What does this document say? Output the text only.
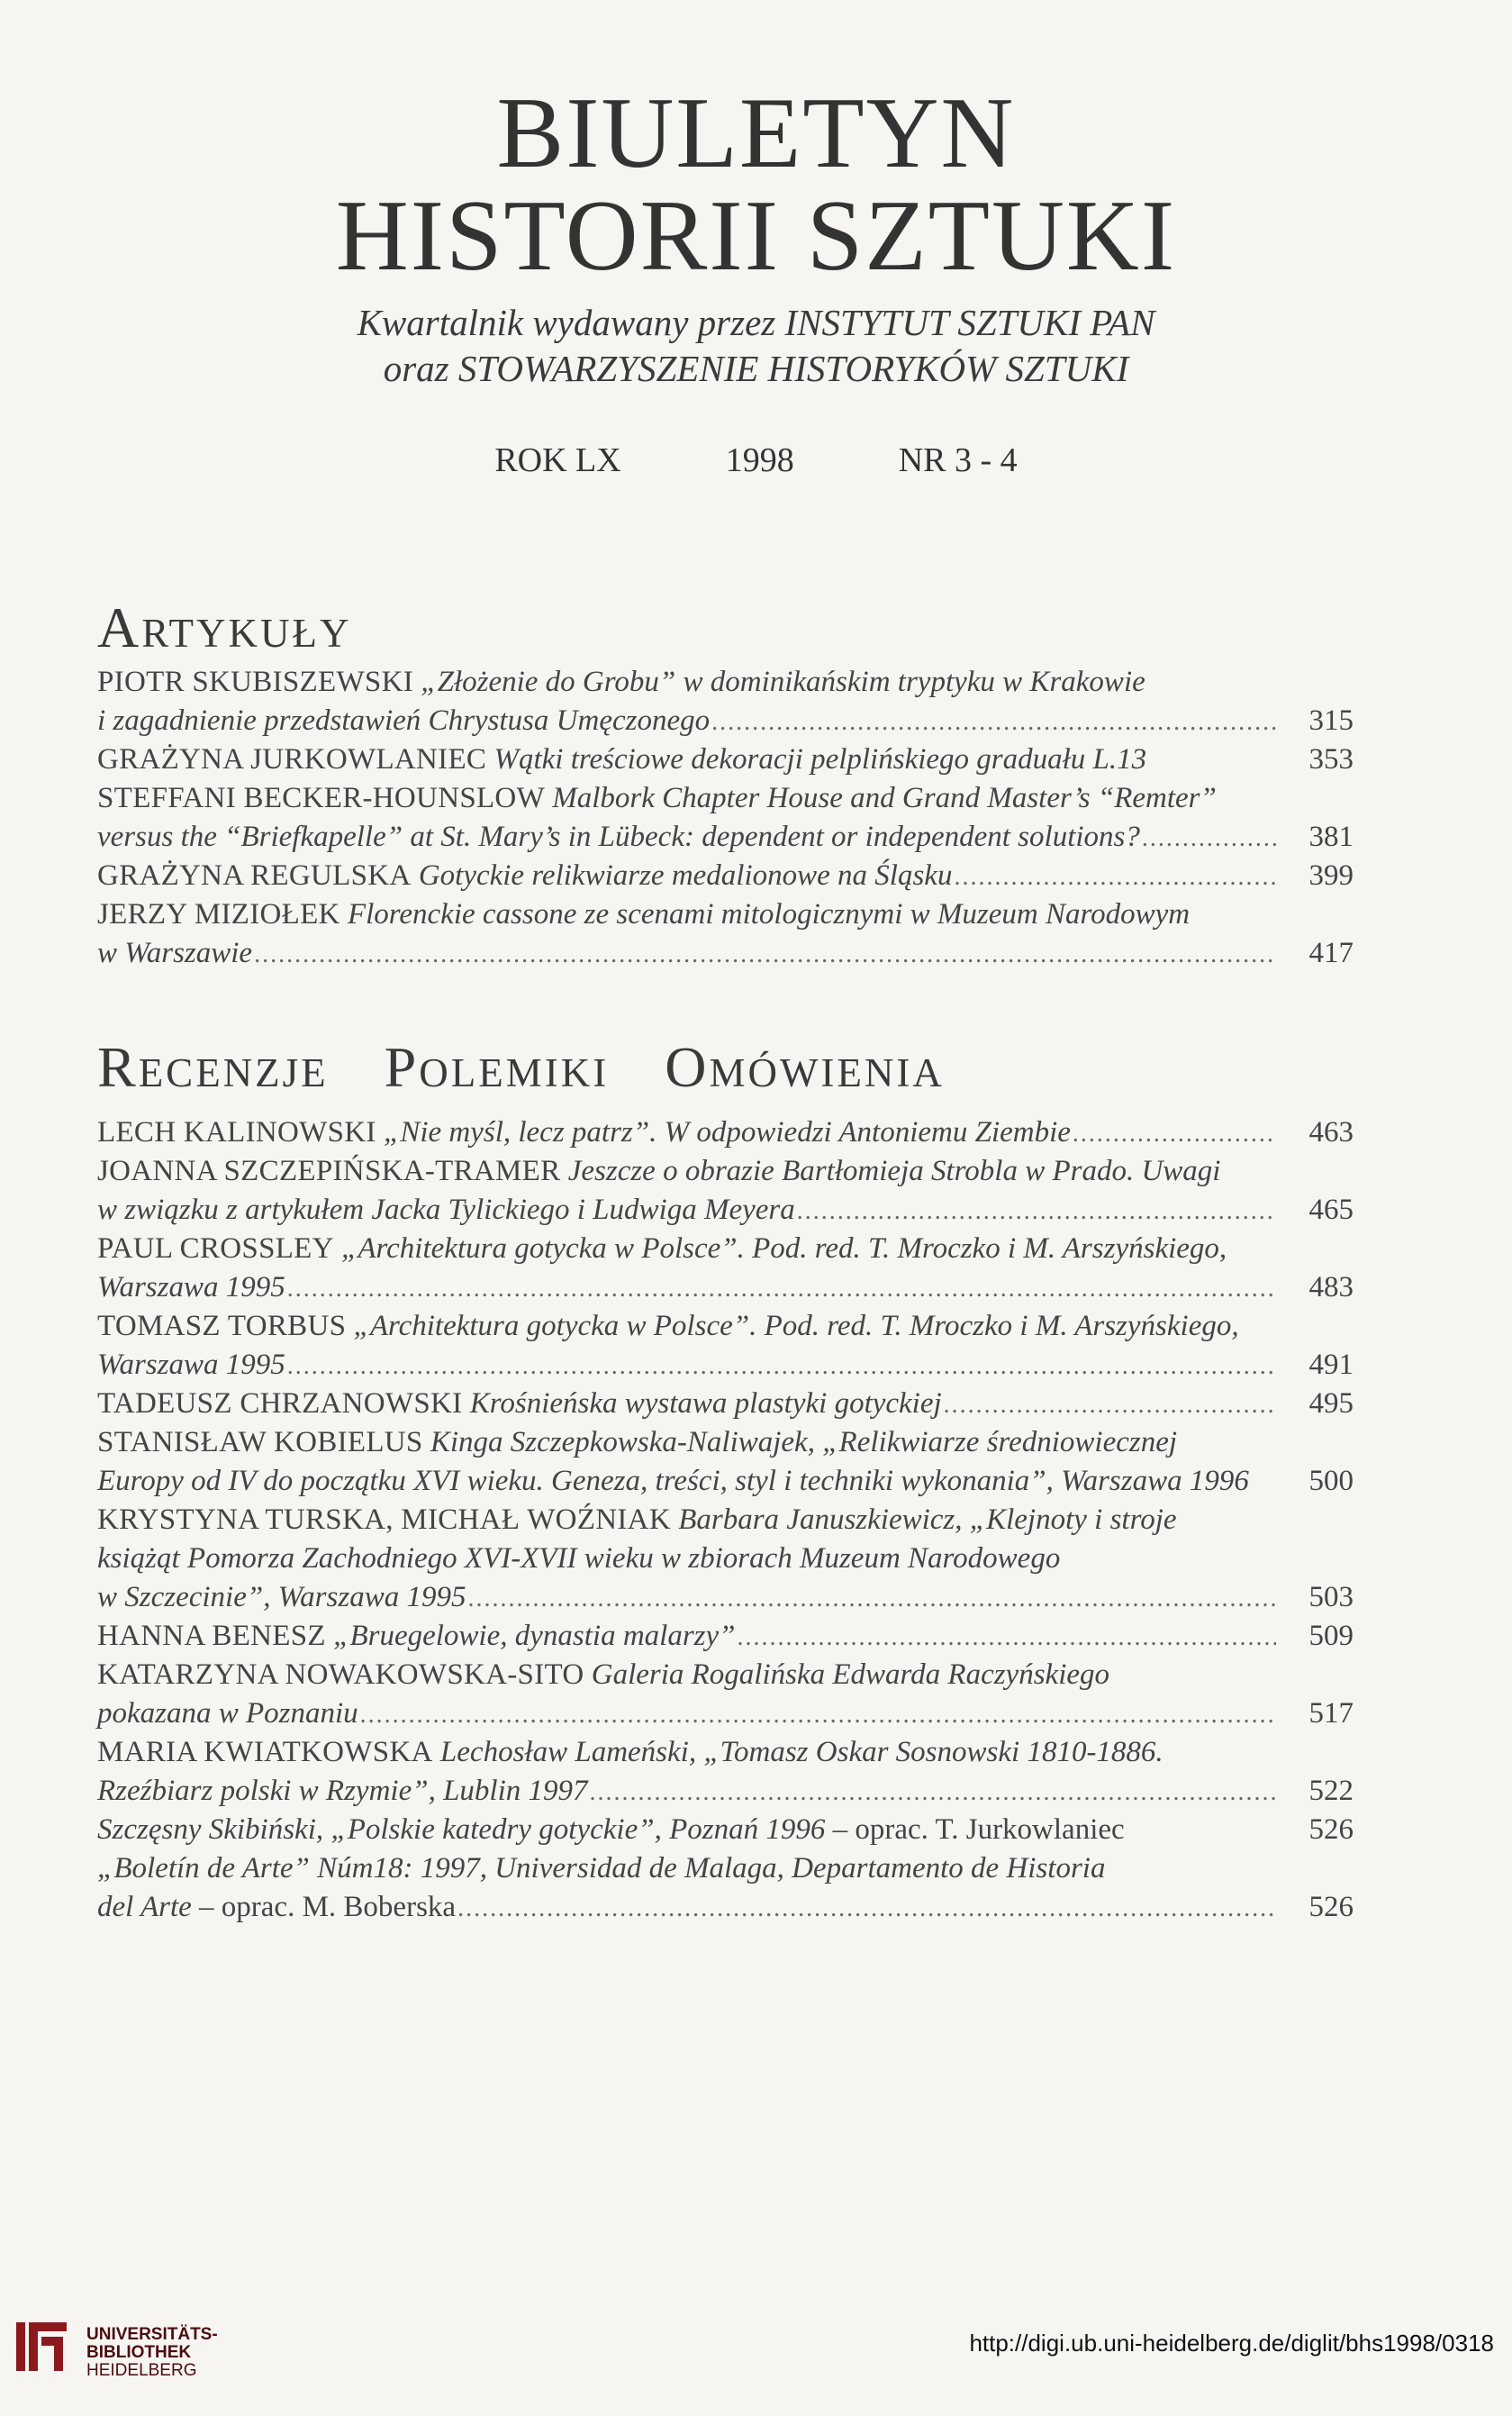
BIULETYN
HISTORII SZTUKI
Kwartalnik wydawany przez INSTYTUT SZTUKI PAN
oraz STOWARZYSZENIE HISTORYKÓW SZTUKI
ROK LX	1998	NR 3 - 4
Artykuły
PIOTR SKUBISZEWSKI „Złożenie do Grobu” w dominikańskim tryptyku w Krakowie
i zagadnienie przedstawień Chrystusa Umęczonego .....	315
GRAŻYNA JURKOWLANIEC Wątki treściowe dekoracji pelplińskiego graduału L.13	353
STEFFANI BECKER-HOUNSLOW Malbork Chapter House and Grand Master’s “Remter”
versus the “Briefkapelle” at St. Mary’s in Lübeck: dependent or independent solutions? .....	381
GRAŻYNA REGULSKA Gotyckie relikwiarze medalionowe na Śląsku .....	399
JERZY MIZIOŁEK Florenckie cassone ze scenami mitologicznymi w Muzeum Narodowym
w Warszawie .....	417
Recenzje Polemiki Omówienia
LECH KALINOWSKI „Nie myśl, lecz patrz”. W odpowiedzi Antoniemu Ziembie .....	463
JOANNA SZCZEPIŃSKA-TRAMER Jeszcze o obrazie Bartłomieja Strobla w Prado. Uwagi
w związku z artykułem Jacka Tylickiego i Ludwiga Meyera .....	465
PAUL CROSSLEY „Architektura gotycka w Polsce”. Pod. red. T. Mroczko i M. Arszyńskiego,
Warszawa 1995 .....	483
TOMASZ TORBUS „Architektura gotycka w Polsce”. Pod. red. T. Mroczko i M. Arszyńskiego,
Warszawa 1995 .....	491
TADEUSZ CHRZANOWSKI Krośnieńska wystawa plastyki gotyckiej .....	495
STANISŁAW KOBIELUS Kinga Szczepkowska-Naliwajek, „Relikwiarze średniowiecznej
Europy od IV do początku XVI wieku. Geneza, treści, styl i techniki wykonania”, Warszawa 1996	500
KRYSTYNA TURSKA, MICHAŁ WOŹNIAK Barbara Januszkiewicz, „Klejnoty i stroje
książąt Pomorza Zachodniego XVI-XVII wieku w zbiorach Muzeum Narodowego
w Szczecinie”, Warszawa 1995 .....	503
HANNA BENESZ „Bruegelowie, dynastia malarzy” .....	509
KATARZYNA NOWAKOWSKA-SITO Galeria Rogalińska Edwarda Raczyńskiego
pokazana w Poznaniu .....	517
MARIA KWIATKOWSKA Lechosław Lameński, „Tomasz Oskar Sosnowski 1810-1886.
Rzeźbiarz polski w Rzymie”, Lublin 1997 .....	522
Szczęsny Skibiński, „Polskie katedry gotyckie”, Poznań 1996 – oprac. T. Jurkowlaniec	526
„Boletín de Arte” Núm18: 1997, Universidad de Malaga, Departamento de Historia
del Arte – oprac. M. Boberska .....	526
UNIVERSITÄTS-
BIBLIOTHEK
HEIDELBERG
http://digi.ub.uni-heidelberg.de/diglit/bhs1998/0318
